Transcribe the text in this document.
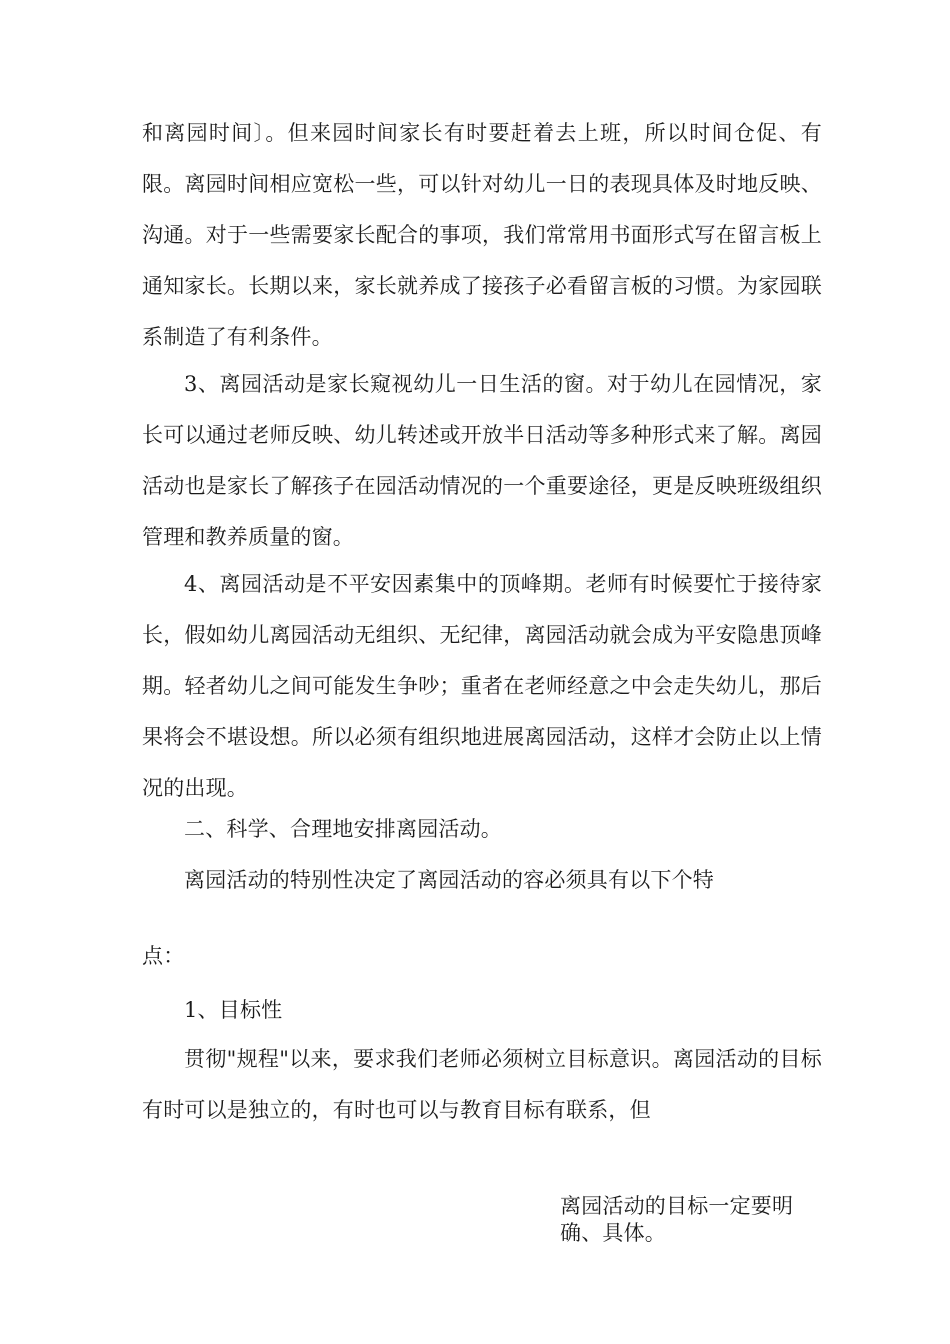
和离园时间〕。但来园时间家长有时要赶着去上班，所以时间仓促、有限。离园时间相应宽松一些，可以针对幼儿一日的表现具体及时地反映、沟通。对于一些需要家长配合的事项，我们常常用书面形式写在留言板上通知家长。长期以来，家长就养成了接孩子必看留言板的习惯。为家园联系制造了有利条件。

3、离园活动是家长窥视幼儿一日生活的窗。对于幼儿在园情况，家长可以通过老师反映、幼儿转述或开放半日活动等多种形式来了解。离园活动也是家长了解孩子在园活动情况的一个重要途径，更是反映班级组织管理和教养质量的窗。

4、离园活动是不平安因素集中的顶峰期。老师有时候要忙于接待家长，假如幼儿离园活动无组织、无纪律，离园活动就会成为平安隐患顶峰期。轻者幼儿之间可能发生争吵；重者在老师经意之中会走失幼儿，那后果将会不堪设想。所以必须有组织地进展离园活动，这样才会防止以上情况的出现。

二、科学、合理地安排离园活动。

离园活动的特别性决定了离园活动的容必须具有以下个特

点：

1、目标性

贯彻"规程"以来，要求我们老师必须树立目标意识。离园活动的目标有时可以是独立的，有时也可以与教育目标有联系，但

离园活动的目标一定要明确、具体。
